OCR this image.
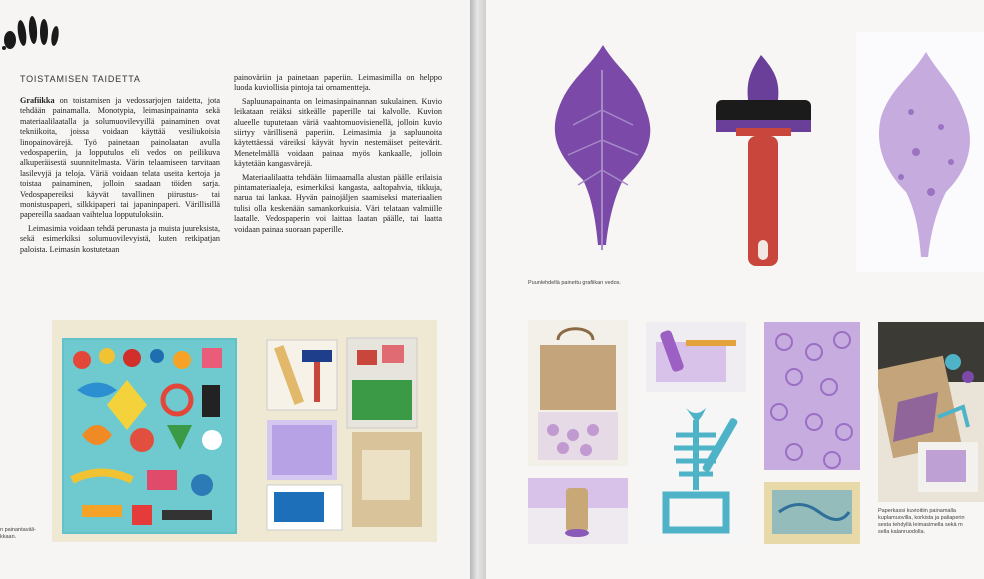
TOISTAMISEN TAIDETTA

Grafiikka on toistamisen ja vedossarjojen taidetta, jota tehdään painamalla. Monotypia, leimasinpainanta sekä materiaalilaatalla ja solumuovilevyillä painaminen ovat tekniikoita, joissa voidaan käyttää vesiliukoisia linopainovärejä. Työ painetaan painolaatan avulla vedospaperiin, ja lopputulos eli vedos on peilikuva alkuperäisestä suunnitelmasta. Värin telaamiseen tarvitaan lasilevyjä ja teloja. Väriä voidaan telata useita kertoja ja toistaa painaminen, jolloin saadaan töiden sarja. Vedospapereiksi käyvät tavallinen piirustus- tai monistuspaperi, silkkipaperi tai japaninpaperi. Värillisillä papereilla saadaan vaihtelua lopputuloksiin.

Leimasimia voidaan tehdä perunasta ja muista juureksista, sekä esimerkiksi solumuovilevyistä, kuten retkipatjan paloista. Leimasin kostutetaan

painoväriin ja painetaan paperiin. Leimasimilla on helppo luoda kuviollisia pintoja tai ornamentteja.

Sapluunapainanta on leimasinpainannan sukulainen. Kuvio leikataan reiäksi sitkeälle paperille tai kalvolle. Kuvion alueelle tuputetaan väriä vaahtomuovisienellä, jolloin kuvio siirtyy värillisenä paperiin. Leimasimia ja sapluunoita käytettäessä väreiksi käyvät hyvin nestemäiset peitevärit. Menetelmällä voidaan painaa myös kankaalle, jolloin käytetään kangasvärejä.

Materiaalilaatta tehdään liimaamalla alustan päälle erilaisia pintamateriaaleja, esimerkiksi kangasta, aaltopahvia, tikkuja, narua tai lankaa. Hyvän painojäljen saamiseksi materiaalien tulisi olla keskenään samankorkuisia. Väri telataan valmiille laatalle. Vedospaperin voi laittaa laatan päälle, tai laatta voidaan painaa suoraan paperille.

n painantaväli-
kkaan.
Puunlehdellä painettu grafiikan vedos.
Paperkassi kuvioitiin painamalla
kuplamuovilla, korkista ja paliaperin
sesta tehdyllä leimasimella sekä m
sella kalanruodolla.
